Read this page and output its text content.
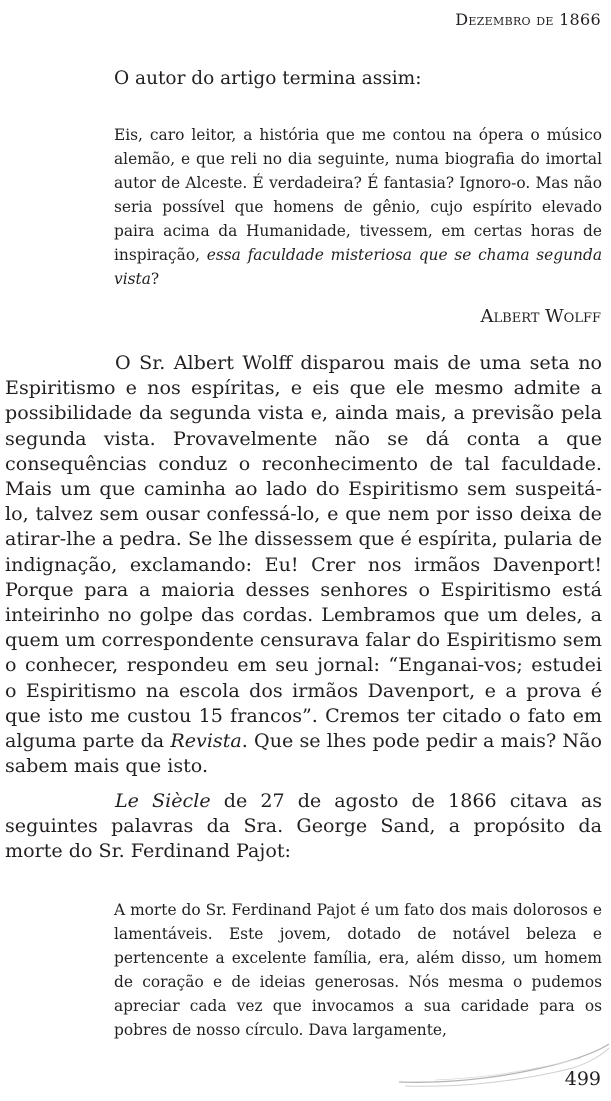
Dezembro de 1866

O autor do artigo termina assim:

Eis, caro leitor, a história que me contou na ópera o músico alemão, e que reli no dia seguinte, numa biografia do imortal autor de Alceste. É verdadeira? É fantasia? Ignoro-o. Mas não seria possível que homens de gênio, cujo espírito elevado paira acima da Humanidade, tivessem, em certas horas de inspiração, essa faculdade misteriosa que se chama segunda vista?

Albert Wolff

O Sr. Albert Wolff disparou mais de uma seta no Espiritismo e nos espíritas, e eis que ele mesmo admite a possibilidade da segunda vista e, ainda mais, a previsão pela segunda vista. Provavelmente não se dá conta a que consequências conduz o reconhecimento de tal faculdade. Mais um que caminha ao lado do Espiritismo sem suspeitá-lo, talvez sem ousar confessá-lo, e que nem por isso deixa de atirar-lhe a pedra. Se lhe dissessem que é espírita, pularia de indignação, exclamando: Eu! Crer nos irmãos Davenport! Porque para a maioria desses senhores o Espiritismo está inteirinho no golpe das cordas. Lembramos que um deles, a quem um correspondente censurava falar do Espiritismo sem o conhecer, respondeu em seu jornal: “Enganai-vos; estudei o Espiritismo na escola dos irmãos Davenport, e a prova é que isto me custou 15 francos”. Cremos ter citado o fato em alguma parte da Revista. Que se lhes pode pedir a mais? Não sabem mais que isto.

Le Siècle de 27 de agosto de 1866 citava as seguintes palavras da Sra. George Sand, a propósito da morte do Sr. Ferdinand Pajot:

A morte do Sr. Ferdinand Pajot é um fato dos mais dolorosos e lamentáveis. Este jovem, dotado de notável beleza e pertencente a excelente família, era, além disso, um homem de coração e de ideias generosas. Nós mesma o pudemos apreciar cada vez que invocamos a sua caridade para os pobres de nosso círculo. Dava largamente,

499
